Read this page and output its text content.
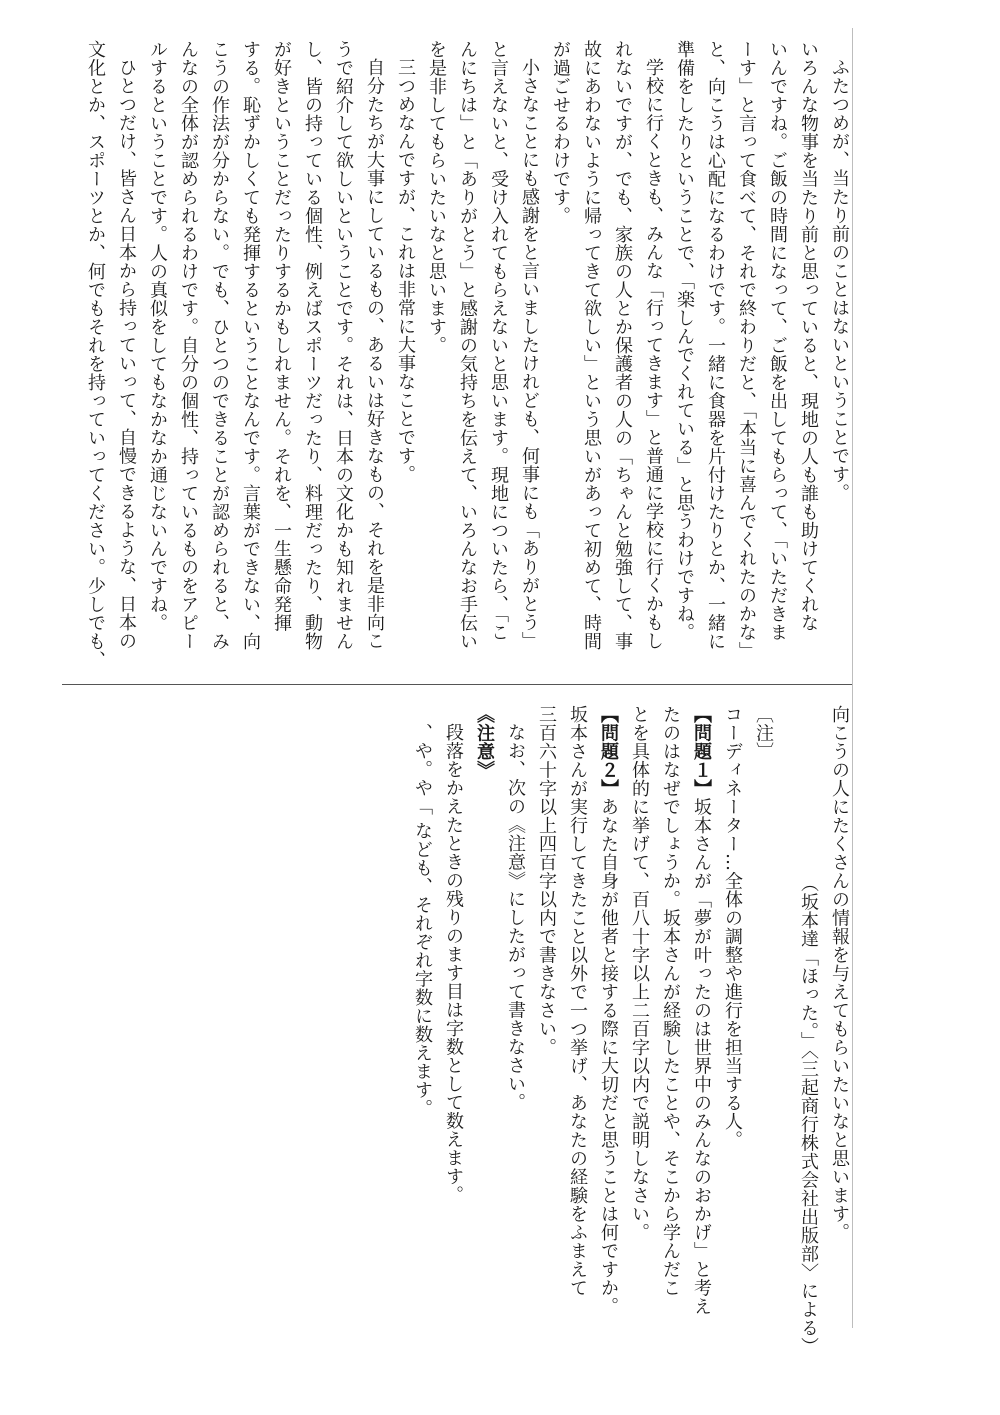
ふたつめが、当たり前のことはないということです。
いろんな物事を当たり前と思っていると、現地の人も誰も助けてくれな
いんですね。ご飯の時間になって、ご飯を出してもらって、「いただきま
ーす」と言って食べて、それで終わりだと、「本当に喜んでくれたのかな」
と、向こうは心配になるわけです。一緒に食器を片付けたりとか、一緒に
準備をしたりということで、「楽しんでくれている」と思うわけですね。
学校に行くときも、みんな「行ってきます」と普通に学校に行くかもし
れないですが、でも、家族の人とか保護者の人の「ちゃんと勉強して、事
故にあわないように帰ってきて欲しい」という思いがあって初めて、時間
が過ごせるわけです。
小さなことにも感謝をと言いましたけれども、何事にも「ありがとう」
と言えないと、受け入れてもらえないと思います。現地についたら、「こ
んにちは」と「ありがとう」と感謝の気持ちを伝えて、いろんなお手伝い
を是非してもらいたいなと思います。
三つめなんですが、これは非常に大事なことです。
自分たちが大事にしているもの、あるいは好きなもの、それを是非向こ
うで紹介して欲しいということです。それは、日本の文化かも知れません
し、皆の持っている個性、例えばスポーツだったり、料理だったり、動物
が好きということだったりするかもしれません。それを、一生懸命発揮
する。恥ずかしくても発揮するということなんです。言葉ができない、向
こうの作法が分からない。でも、ひとつのできることが認められると、み
んなの全体が認められるわけです。自分の個性、持っているものをアピー
ルするということです。人の真似をしてもなかなか通じないんですね。
ひとつだけ、皆さん日本から持っていって、自慢できるような、日本の
文化とか、スポーツとか、何でもそれを持っていってください。少しでも、
向こうの人にたくさんの情報を与えてもらいたいなと思います。
（坂本達「ほった。」〈三起商行株式会社出版部〉による）
〔注〕
コーディネーター…全体の調整や進行を担当する人。
【問題１】坂本さんが「夢が叶ったのは世界中のみんなのおかげ」と考え
たのはなぜでしょうか。坂本さんが経験したことや、そこから学んだこ
とを具体的に挙げて、百八十字以上二百字以内で説明しなさい。
【問題２】あなた自身が他者と接する際に大切だと思うことは何ですか。
坂本さんが実行してきたこと以外で一つ挙げ、あなたの経験をふまえて
三百六十字以上四百字以内で書きなさい。
なお、次の《注意》にしたがって書きなさい。
《注意》
段落をかえたときの残りのます目は字数として数えます。
、や。や「 なども、それぞれ字数に数えます。
